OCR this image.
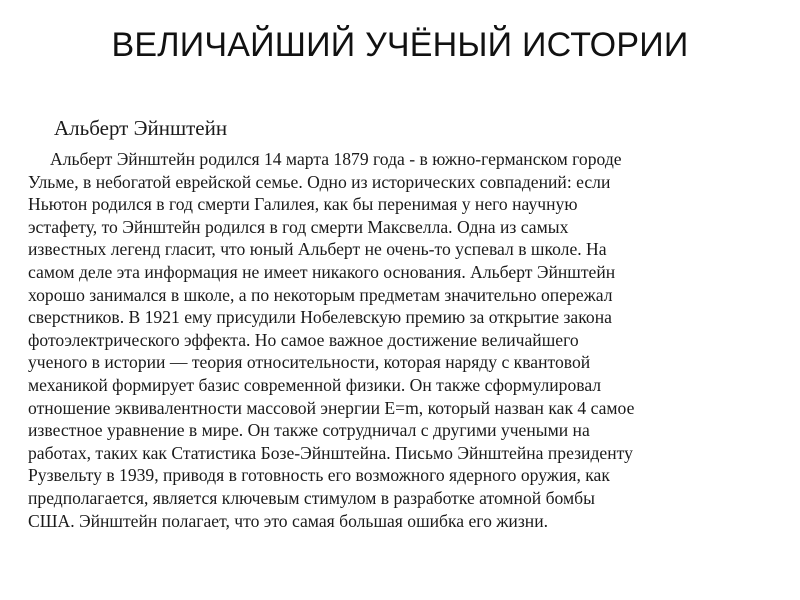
ВЕЛИЧАЙШИЙ УЧЁНЫЙ ИСТОРИИ
Альберт Эйнштейн
Альберт Эйнштейн родился 14 марта 1879 года - в южно-германском городе
Ульме, в небогатой еврейской семье. Одно из исторических совпадений: если
Ньютон родился в год смерти Галилея, как бы перенимая у него научную
эстафету, то Эйнштейн родился в год смерти Максвелла. Одна из самых
известных легенд гласит, что юный Альберт не очень-то успевал в школе. На
самом деле эта информация не имеет никакого основания. Альберт Эйнштейн
хорошо занимался в школе, а по некоторым предметам значительно опережал
сверстников. В 1921 ему присудили Нобелевскую премию за открытие закона
фотоэлектрического эффекта. Но самое важное достижение величайшего
ученого в истории — теория относительности, которая наряду с квантовой
механикой формирует базис современной физики. Он также сформулировал
отношение эквивалентности массовой энергии E=m, который назван как 4 самое
известное уравнение в мире. Он также сотрудничал с другими учеными на
работах, таких как Статистика Бозе-Эйнштейна. Письмо Эйнштейна президенту
Рузвельту в 1939, приводя в готовность его возможного ядерного оружия, как
предполагается, является ключевым стимулом в разработке атомной бомбы
США. Эйнштейн полагает, что это самая большая ошибка его жизни.
